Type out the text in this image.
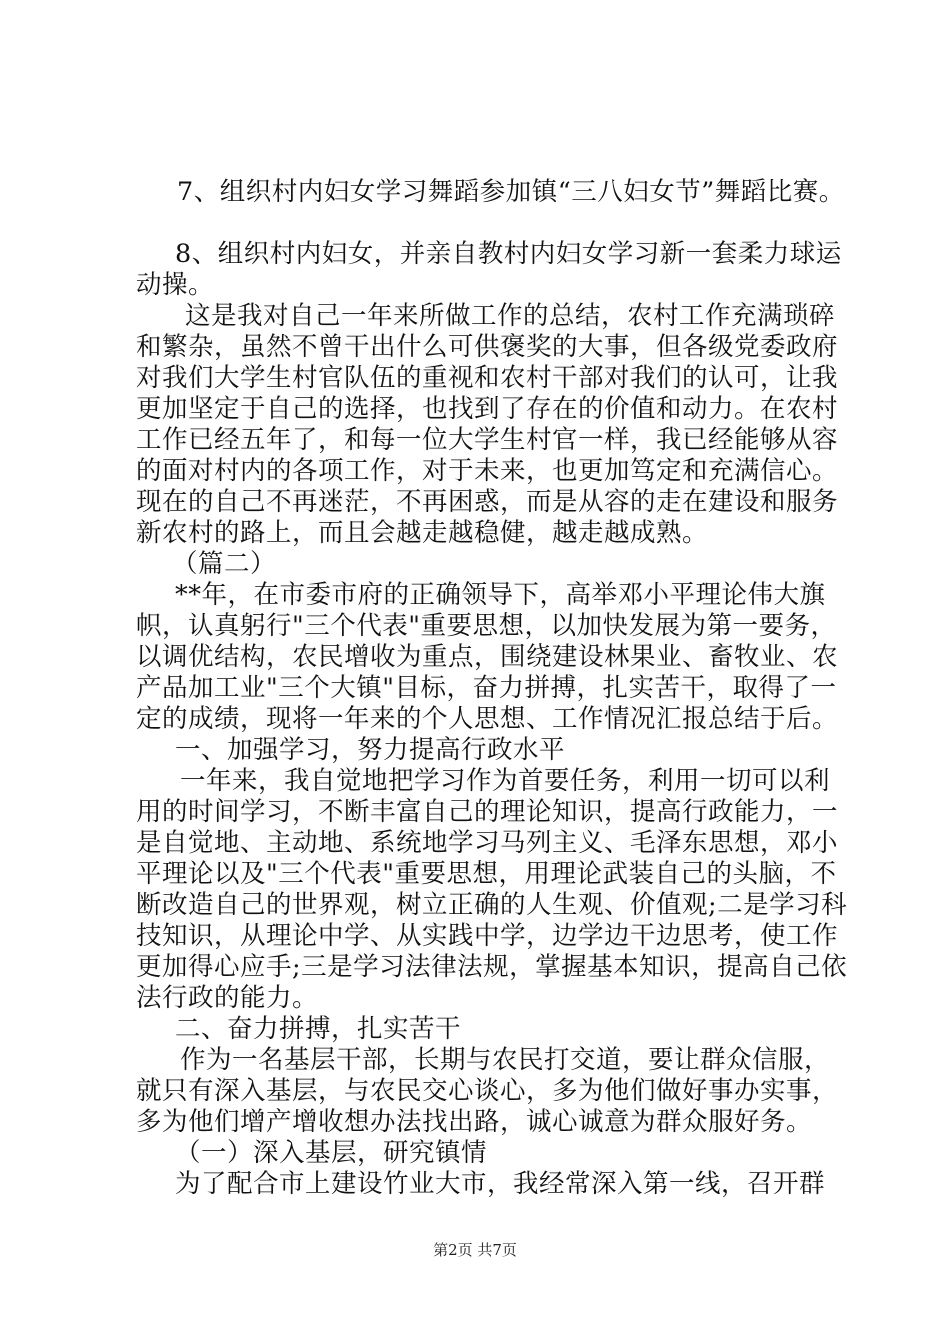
7、组织村内妇女学习舞蹈参加镇“三八妇女节”舞蹈比赛。
8、组织村内妇女，并亲自教村内妇女学习新一套柔力球运
动操。
这是我对自己一年来所做工作的总结，农村工作充满琐碎
和繁杂，虽然不曾干出什么可供褒奖的大事，但各级党委政府
对我们大学生村官队伍的重视和农村干部对我们的认可，让我
更加坚定于自己的选择，也找到了存在的价值和动力。在农村
工作已经五年了，和每一位大学生村官一样，我已经能够从容
的面对村内的各项工作，对于未来，也更加笃定和充满信心。
现在的自己不再迷茫，不再困惑，而是从容的走在建设和服务
新农村的路上，而且会越走越稳健，越走越成熟。
（篇二）
**年，在市委市府的正确领导下，高举邓小平理论伟大旗
帜，认真躬行"三个代表"重要思想，以加快发展为第一要务，
以调优结构，农民增收为重点，围绕建设林果业、畜牧业、农
产品加工业"三个大镇"目标，奋力拼搏，扎实苦干，取得了一
定的成绩，现将一年来的个人思想、工作情况汇报总结于后。
一、加强学习，努力提高行政水平
一年来，我自觉地把学习作为首要任务，利用一切可以利
用的时间学习，不断丰富自己的理论知识，提高行政能力，一
是自觉地、主动地、系统地学习马列主义、毛泽东思想，邓小
平理论以及"三个代表"重要思想，用理论武装自己的头脑，不
断改造自己的世界观，树立正确的人生观、价值观;二是学习科
技知识，从理论中学、从实践中学，边学边干边思考，使工作
更加得心应手;三是学习法律法规，掌握基本知识，提高自己依
法行政的能力。
二、奋力拼搏，扎实苦干
作为一名基层干部，长期与农民打交道，要让群众信服，
就只有深入基层，与农民交心谈心，多为他们做好事办实事，
多为他们增产增收想办法找出路，诚心诚意为群众服好务。
（一）深入基层，研究镇情
为了配合市上建设竹业大市，我经常深入第一线，召开群
第2页 共7页
